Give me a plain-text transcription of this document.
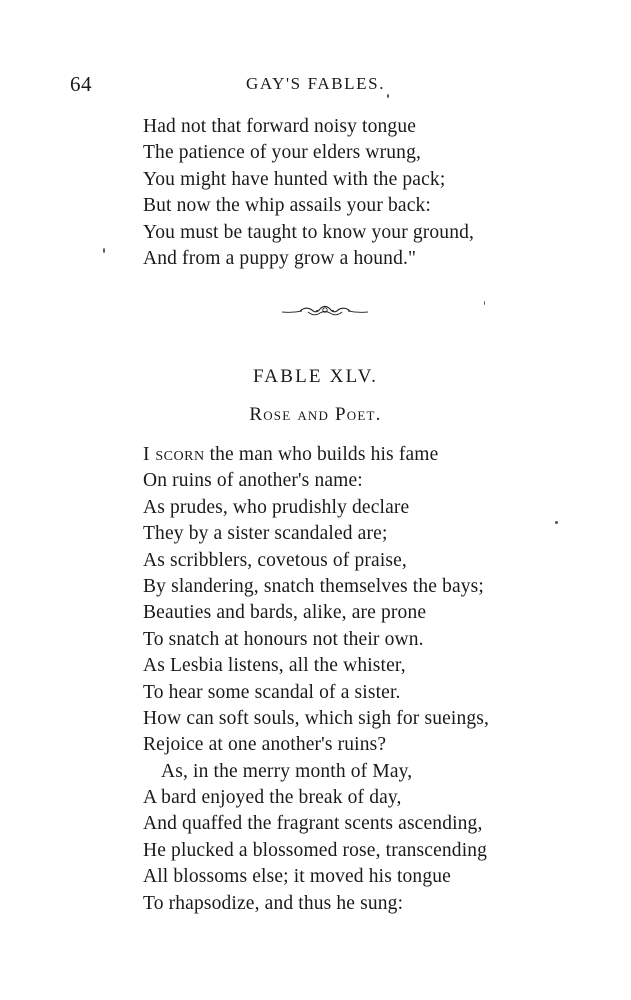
64	GAY'S FABLES.
Had not that forward noisy tongue
The patience of your elders wrung,
You might have hunted with the pack;
But now the whip assails your back:
You must be taught to know your ground,
And from a puppy grow a hound."
FABLE XLV.
Rose and Poet.
I scorn the man who builds his fame
On ruins of another's name:
As prudes, who prudishly declare
They by a sister scandaled are;
As scribblers, covetous of praise,
By slandering, snatch themselves the bays;
Beauties and bards, alike, are prone
To snatch at honours not their own.
As Lesbia listens, all the whister,
To hear some scandal of a sister.
How can soft souls, which sigh for sueings,
Rejoice at one another's ruins?
As, in the merry month of May,
A bard enjoyed the break of day,
And quaffed the fragrant scents ascending,
He plucked a blossomed rose, transcending
All blossoms else; it moved his tongue
To rhapsodize, and thus he sung:
